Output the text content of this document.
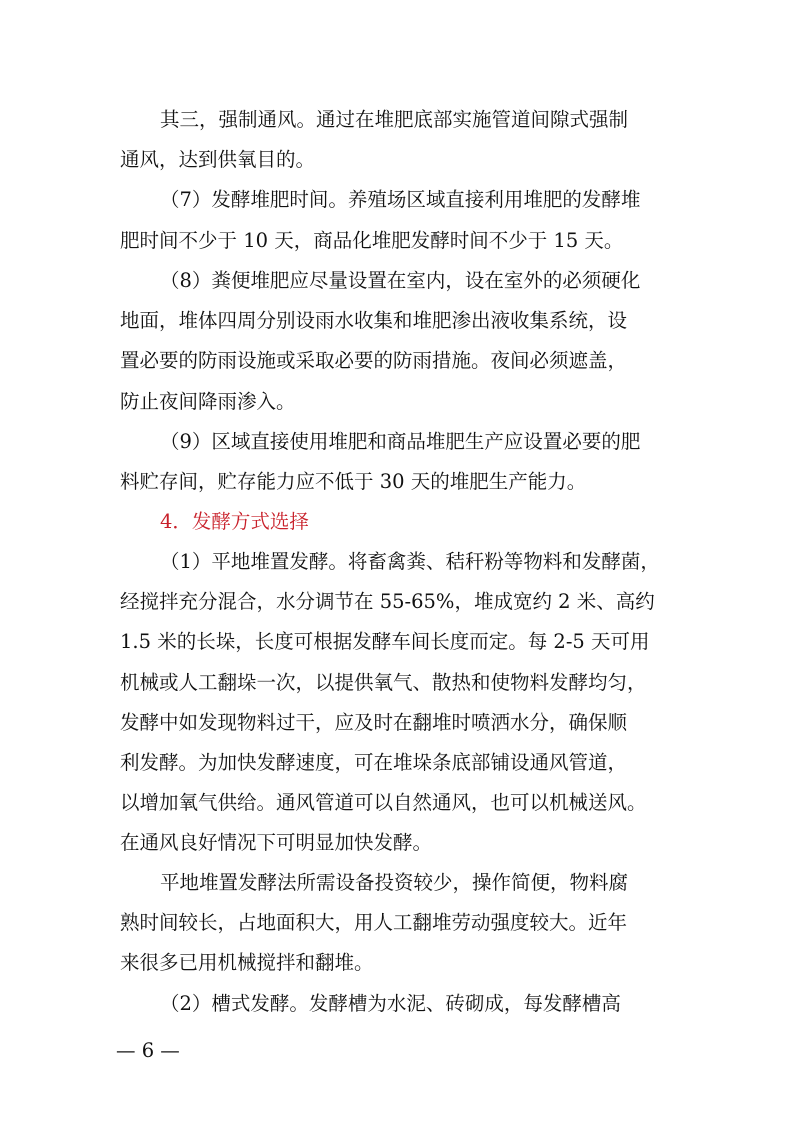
其三，强制通风。通过在堆肥底部实施管道间隙式强制
通风，达到供氧目的。
（7）发酵堆肥时间。养殖场区域直接利用堆肥的发酵堆
肥时间不少于 10 天，商品化堆肥发酵时间不少于 15 天。
（8）粪便堆肥应尽量设置在室内，设在室外的必须硬化
地面，堆体四周分别设雨水收集和堆肥渗出液收集系统，设
置必要的防雨设施或采取必要的防雨措施。夜间必须遮盖，
防止夜间降雨渗入。
（9）区域直接使用堆肥和商品堆肥生产应设置必要的肥
料贮存间，贮存能力应不低于 30 天的堆肥生产能力。
4．发酵方式选择
（1）平地堆置发酵。将畜禽粪、秸秆粉等物料和发酵菌，
经搅拌充分混合，水分调节在 55-65%，堆成宽约 2 米、高约
1.5 米的长垛，长度可根据发酵车间长度而定。每 2-5 天可用
机械或人工翻垛一次，以提供氧气、散热和使物料发酵均匀，
发酵中如发现物料过干，应及时在翻堆时喷洒水分，确保顺
利发酵。为加快发酵速度，可在堆垛条底部铺设通风管道，
以增加氧气供给。通风管道可以自然通风，也可以机械送风。
在通风良好情况下可明显加快发酵。
平地堆置发酵法所需设备投资较少，操作简便，物料腐
熟时间较长，占地面积大，用人工翻堆劳动强度较大。近年
来很多已用机械搅拌和翻堆。
（2）槽式发酵。发酵槽为水泥、砖砌成，每发酵槽高
— 6 —
